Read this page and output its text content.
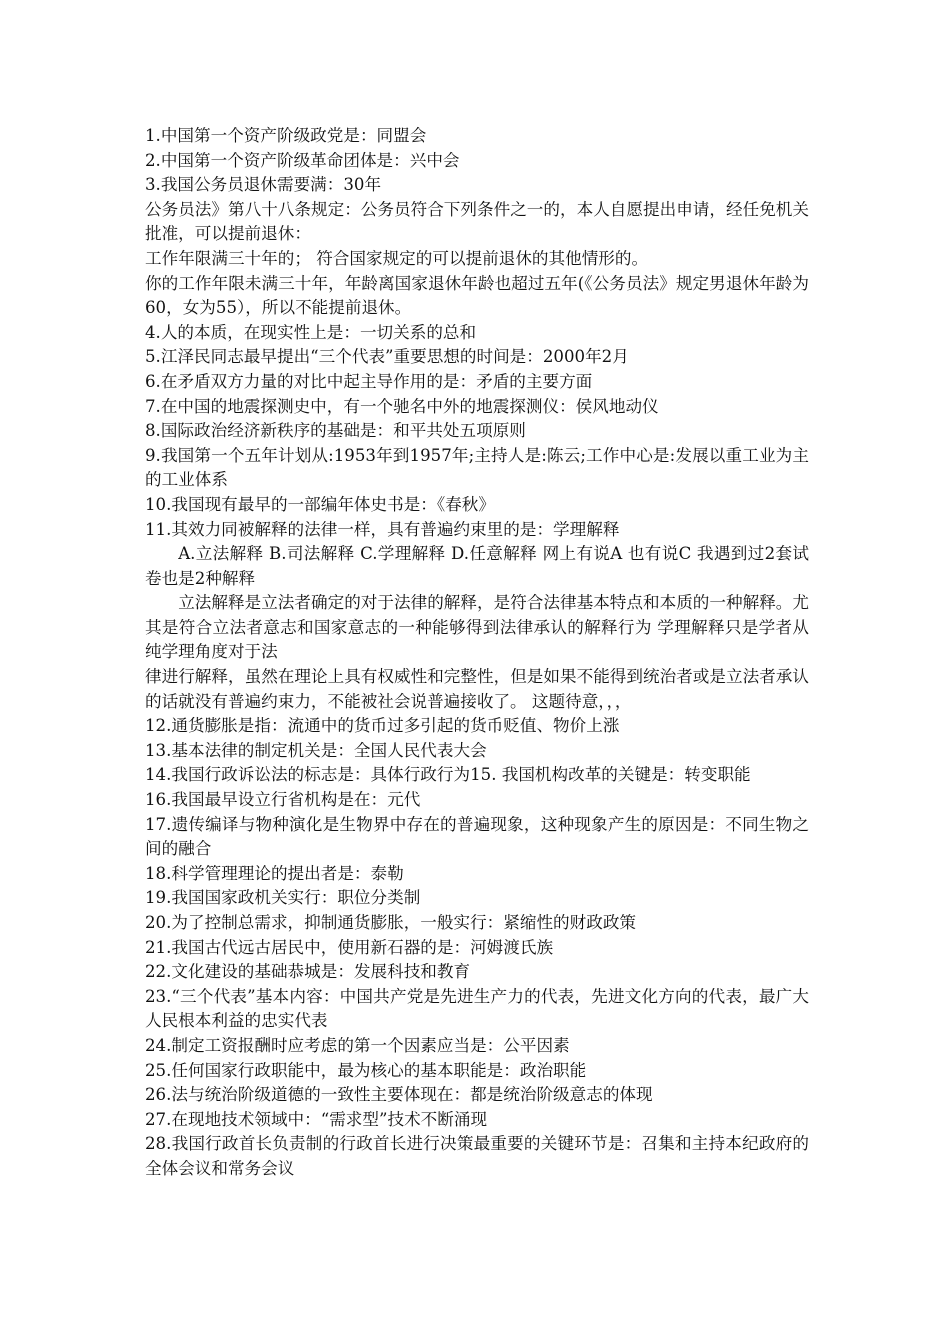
1.中国第一个资产阶级政党是：同盟会

2.中国第一个资产阶级革命团体是：兴中会

3.我国公务员退休需要满：30年

公务员法》第八十八条规定：公务员符合下列条件之一的，本人自愿提出申请，经任免机关批准，可以提前退休：

工作年限满三十年的； 符合国家规定的可以提前退休的其他情形的。

你的工作年限未满三十年，年龄离国家退休年龄也超过五年(《公务员法》规定男退休年龄为60，女为55），所以不能提前退休。

4.人的本质，在现实性上是：一切关系的总和

5.江泽民同志最早提出“三个代表”重要思想的时间是：2000年2月

6.在矛盾双方力量的对比中起主导作用的是：矛盾的主要方面

7.在中国的地震探测史中，有一个驰名中外的地震探测仪：侯风地动仪

8.国际政治经济新秩序的基础是：和平共处五项原则

9.我国第一个五年计划从:1953年到1957年;主持人是:陈云;工作中心是:发展以重工业为主的工业体系

10.我国现有最早的一部编年体史书是：《春秋》

11.其效力同被解释的法律一样，具有普遍约束里的是：学理解释

A.立法解释 B.司法解释 C.学理解释 D.任意解释 网上有说A 也有说C 我遇到过2套试卷也是2种解释

立法解释是立法者确定的对于法律的解释，是符合法律基本特点和本质的一种解释。尤其是符合立法者意志和国家意志的一种能够得到法律承认的解释行为 学理解释只是学者从纯学理角度对于法

律进行解释，虽然在理论上具有权威性和完整性，但是如果不能得到统治者或是立法者承认的话就没有普遍约束力，不能被社会说普遍接收了。 这题待意，，，

12.通货膨胀是指：流通中的货币过多引起的货币贬值、物价上涨

13.基本法律的制定机关是：全国人民代表大会

14.我国行政诉讼法的标志是：具体行政行为15. 我国机构改革的关键是：转变职能

16.我国最早设立行省机构是在：元代

17.遗传编译与物种演化是生物界中存在的普遍现象，这种现象产生的原因是：不同生物之间的融合

18.科学管理理论的提出者是：泰勒

19.我国国家政机关实行：职位分类制

20.为了控制总需求，抑制通货膨胀，一般实行：紧缩性的财政政策

21.我国古代远古居民中，使用新石器的是：河姆渡氏族

22.文化建设的基础恭城是：发展科技和教育

23.“三个代表”基本内容：中国共产党是先进生产力的代表，先进文化方向的代表，最广大人民根本利益的忠实代表

24.制定工资报酬时应考虑的第一个因素应当是：公平因素

25.任何国家行政职能中，最为核心的基本职能是：政治职能

26.法与统治阶级道德的一致性主要体现在：都是统治阶级意志的体现

27.在现地技术领域中：“需求型”技术不断涌现

28.我国行政首长负责制的行政首长进行决策最重要的关键环节是：召集和主持本纪政府的全体会议和常务会议
